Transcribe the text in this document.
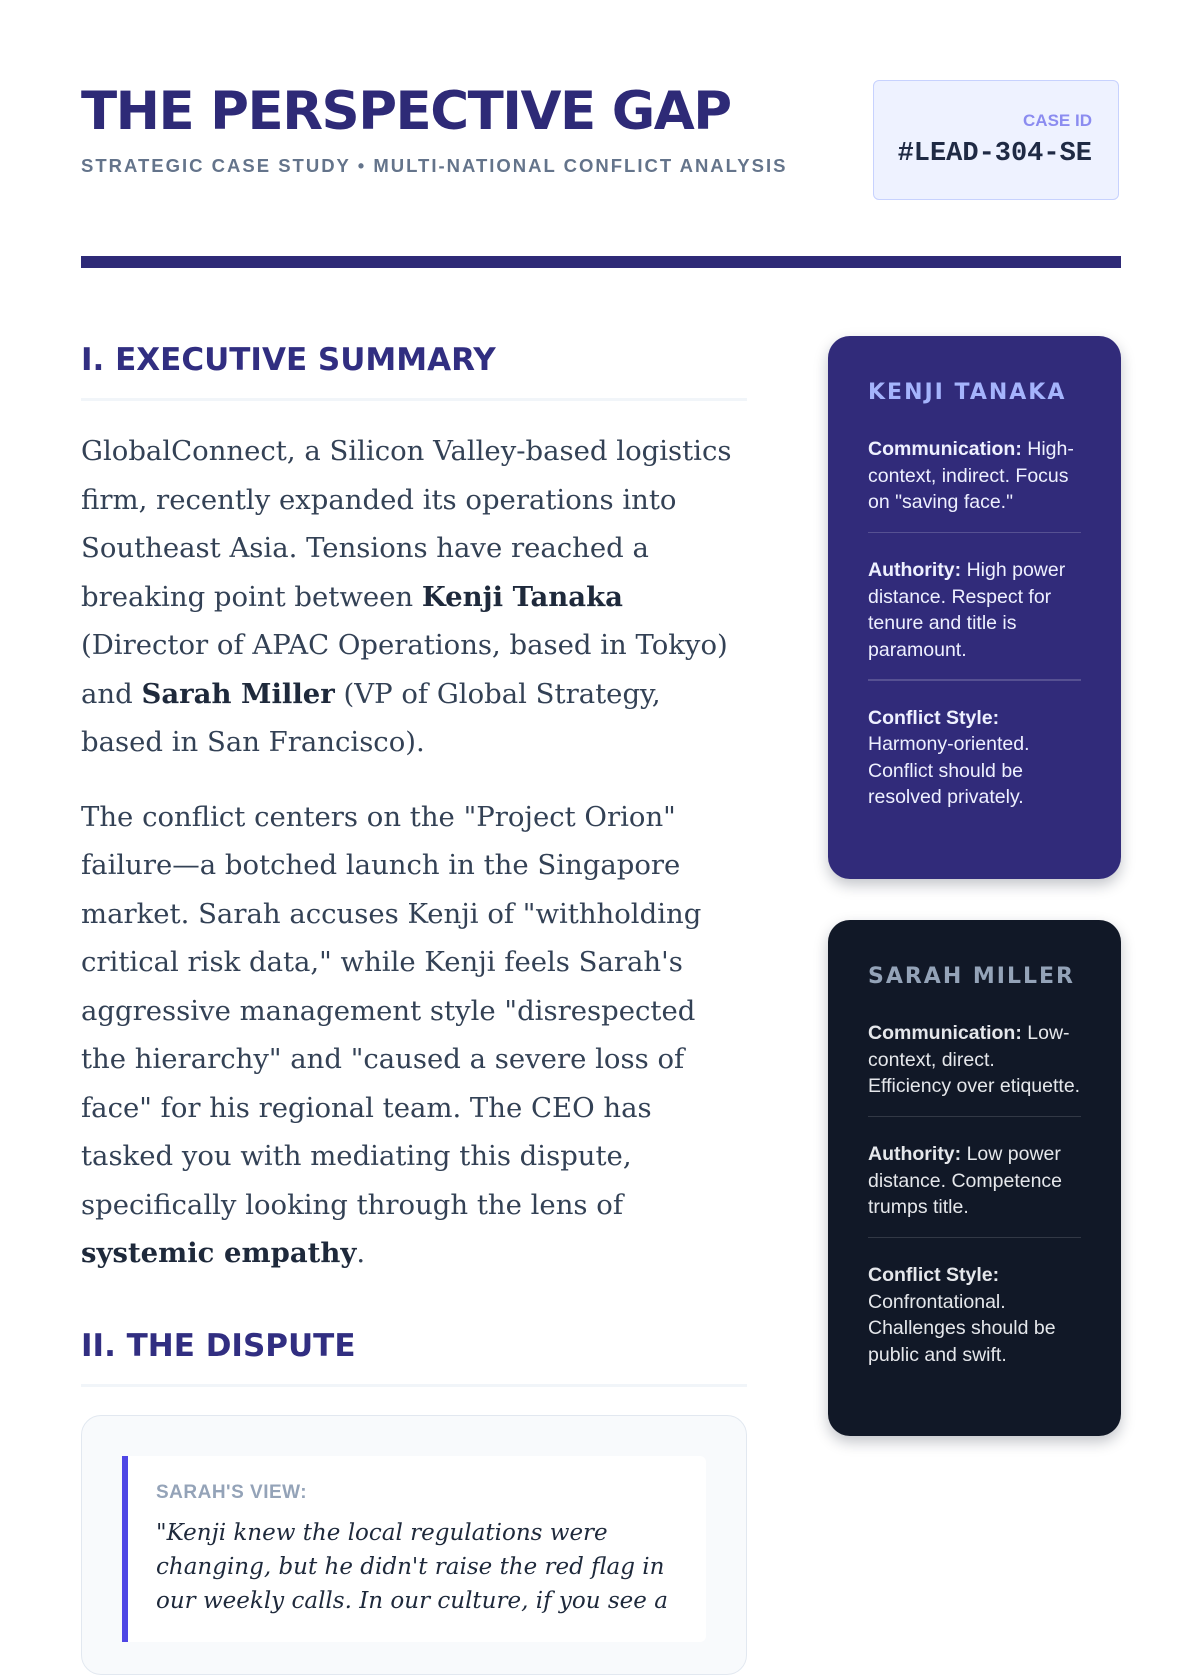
THE PERSPECTIVE GAP
STRATEGIC CASE STUDY • MULTI-NATIONAL CONFLICT ANALYSIS
CASE ID
#LEAD-304-SE
I. EXECUTIVE SUMMARY

GlobalConnect, a Silicon Valley-based logistics firm, recently expanded its operations into Southeast Asia. Tensions have reached a breaking point between Kenji Tanaka (Director of APAC Operations, based in Tokyo) and Sarah Miller (VP of Global Strategy, based in San Francisco).

The conflict centers on the "Project Orion" failure—a botched launch in the Singapore market. Sarah accuses Kenji of "withholding critical risk data," while Kenji feels Sarah's aggressive management style "disrespected the hierarchy" and "caused a severe loss of face" for his regional team. The CEO has tasked you with mediating this dispute, specifically looking through the lens of systemic empathy.

II. THE DISPUTE
SARAH'S VIEW:
"Kenji knew the local regulations were changing, but he didn't raise the red flag in our weekly calls. In our culture, if you see a
KENJI TANAKA
Communication: High-context, indirect. Focus on "saving face."
Authority: High power distance. Respect for tenure and title is paramount.
Conflict Style: Harmony-oriented. Conflict should be resolved privately.
SARAH MILLER
Communication: Low-context, direct. Efficiency over etiquette.
Authority: Low power distance. Competence trumps title.
Conflict Style: Confrontational. Challenges should be public and swift.
